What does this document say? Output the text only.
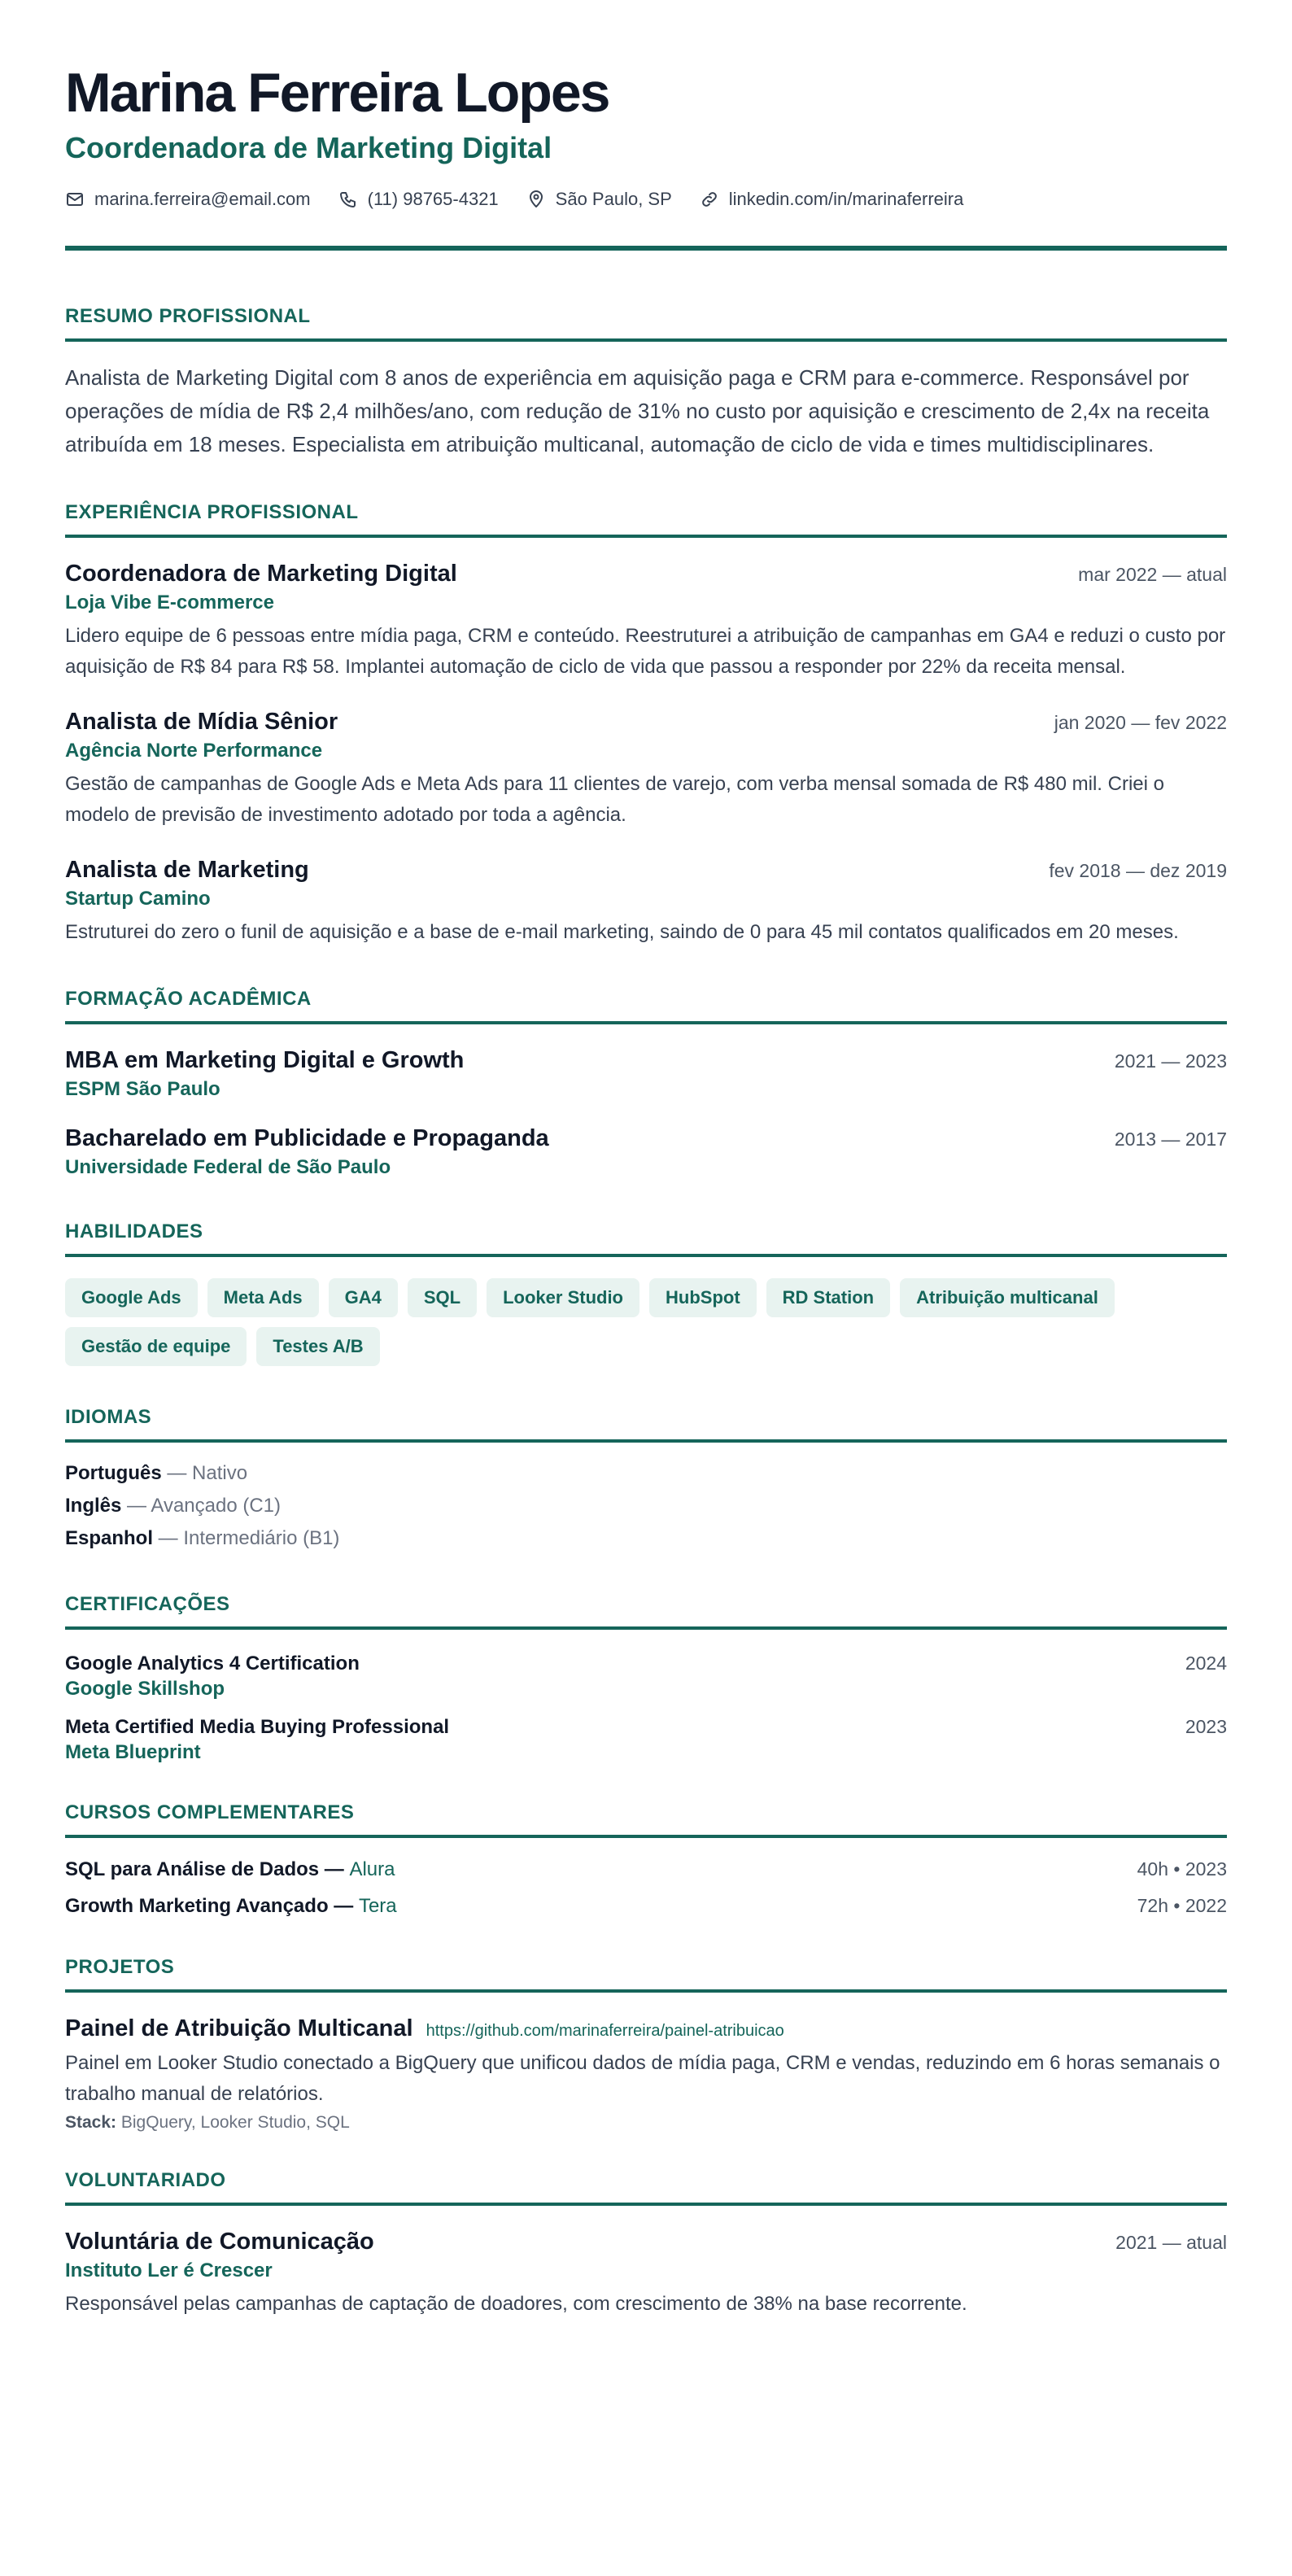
Marina Ferreira Lopes
Coordenadora de Marketing Digital
marina.ferreira@email.com	(11) 98765-4321	São Paulo, SP	linkedin.com/in/marinaferreira
RESUMO PROFISSIONAL

Analista de Marketing Digital com 8 anos de experiência em aquisição paga e CRM para e-commerce. Responsável por operações de mídia de R$ 2,4 milhões/ano, com redução de 31% no custo por aquisição e crescimento de 2,4x na receita atribuída em 18 meses. Especialista em atribuição multicanal, automação de ciclo de vida e times multidisciplinares.

EXPERIÊNCIA PROFISSIONAL
Coordenadora de Marketing Digital	mar 2022 — atual
Loja Vibe E-commerce

Lidero equipe de 6 pessoas entre mídia paga, CRM e conteúdo. Reestruturei a atribuição de campanhas em GA4 e reduzi o custo por aquisição de R$ 84 para R$ 58. Implantei automação de ciclo de vida que passou a responder por 22% da receita mensal.

Analista de Mídia Sênior	jan 2020 — fev 2022
Agência Norte Performance

Gestão de campanhas de Google Ads e Meta Ads para 11 clientes de varejo, com verba mensal somada de R$ 480 mil. Criei o modelo de previsão de investimento adotado por toda a agência.

Analista de Marketing	fev 2018 — dez 2019
Startup Camino

Estruturei do zero o funil de aquisição e a base de e-mail marketing, saindo de 0 para 45 mil contatos qualificados em 20 meses.

FORMAÇÃO ACADÊMICA
MBA em Marketing Digital e Growth	2021 — 2023
ESPM São Paulo
Bacharelado em Publicidade e Propaganda	2013 — 2017
Universidade Federal de São Paulo
HABILIDADES
Google Ads	Meta Ads	GA4	SQL	Looker Studio	HubSpot	RD Station	Atribuição multicanal
Gestão de equipe	Testes A/B
IDIOMAS
Português — Nativo
Inglês — Avançado (C1)
Espanhol — Intermediário (B1)
CERTIFICAÇÕES
Google Analytics 4 Certification	2024
Google Skillshop
Meta Certified Media Buying Professional	2023
Meta Blueprint
CURSOS COMPLEMENTARES
SQL para Análise de Dados — Alura	40h • 2023
Growth Marketing Avançado — Tera	72h • 2022
PROJETOS
Painel de Atribuição Multicanal https://github.com/marinaferreira/painel-atribuicao

Painel em Looker Studio conectado a BigQuery que unificou dados de mídia paga, CRM e vendas, reduzindo em 6 horas semanais o trabalho manual de relatórios.

Stack: BigQuery, Looker Studio, SQL
VOLUNTARIADO
Voluntária de Comunicação	2021 — atual
Instituto Ler é Crescer

Responsável pelas campanhas de captação de doadores, com crescimento de 38% na base recorrente.
